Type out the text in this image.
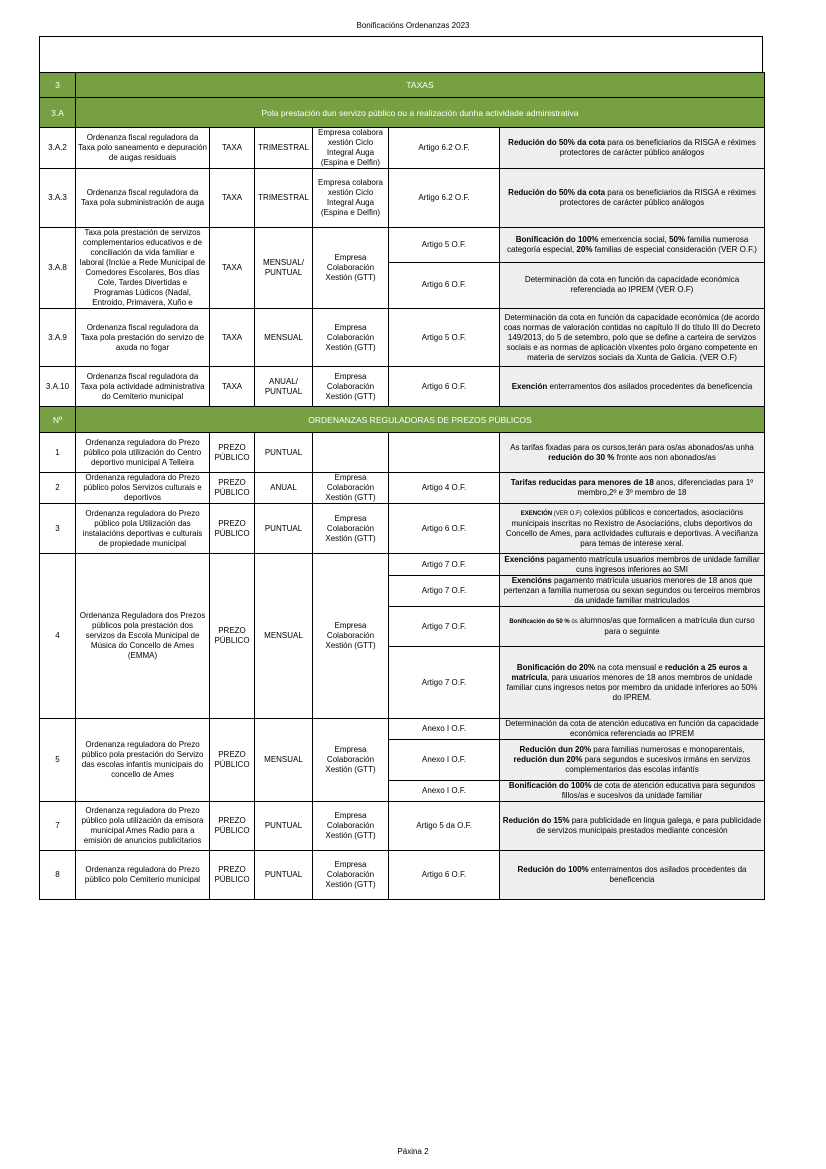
Bonificacións Ordenanzas 2023
3	TAXAS					
3.A	Pola prestación dun servizo público ou a realización dunha actividade administrativa					
3.A.2	Ordenanza fiscal reguladora da Taxa polo saneamento e depuración de augas residuais	TAXA	TRIMESTRAL	Empresa colabora xestión Ciclo Integral Auga (Espina e Delfin)	Artigo 6.2 O.F.	Redución do 50% da cota para os beneficiarios da RISGA e réximes protectores de carácter público análogos
3.A.3	Ordenanza fiscal reguladora da Taxa pola subministración de auga	TAXA	TRIMESTRAL	Empresa colabora xestión Ciclo Integral Auga (Espina e Delfin)	Artigo 6.2 O.F.	Redución do 50% da cota para os beneficiarios da RISGA e réximes protectores de carácter público análogos
3.A.8	Taxa pola prestación de servizos complementarios educativos e de conciliación da vida familiar e laboral (Inclúe a Rede Municipal de Comedores Escolares, Bos días Cole, Tardes Divertidas e Programas Lúdicos (Nadal, Entroido, Primavera, Xuño e	TAXA	MENSUAL/ PUNTUAL	Empresa Colaboración Xestión (GTT)	Artigo 5 O.F.	Bonificación do 100% emerxencia social, 50% familia numerosa categoría especial, 20% familias de especial consideración (VER O.F.)
					Artigo 6 O.F.	Determinación da cota en función da capacidade económica referenciada ao IPREM (VER O.F)
3.A.9	Ordenanza fiscal reguladora da Taxa pola prestación do servizo de axuda no fogar	TAXA	MENSUAL	Empresa Colaboración Xestión (GTT)	Artigo 5 O.F.	Determinación da cota en función da capacidade económica (de acordo coas normas de valoración contidas no capítulo II do título III do Decreto 149/2013, do 5 de setembro, polo que se define a carteira de servizos sociais e as normas de aplicación vixentes polo órgano competente en materia de servizos sociais da Xunta de Galicia. (VER O.F)
3.A.10	Ordenanza fiscal reguladora da Taxa pola actividade administrativa do Cemiterio municipal	TAXA	ANUAL/ PUNTUAL	Empresa Colaboración Xestión (GTT)	Artigo 6 O.F.	Exención enterramentos dos asilados procedentes da beneficencia
Nº	ORDENANZAS REGULADORAS DE PREZOS PÚBLICOS					
1	Ordenanza reguladora do Prezo público pola utilización do Centro deportivo municipal A Telleira	PREZO PÚBLICO	PUNTUAL			As tarifas fixadas para os cursos,terán para os/as abonados/as unha redución do 30 % fronte aos non abonados/as
2	Ordenanza reguladora do Prezo público polos Servizos culturais e deportivos	PREZO PÚBLICO	ANUAL	Empresa Colaboración Xestión (GTT)	Artigo 4 O.F.	Tarifas reducidas para menores de 18 anos, diferenciadas para 1º membro,2º e 3º membro de 18
3	Ordenanza reguladora do Prezo público pola Utilización das instalacións deportivas e culturais de propiedade municipal	PREZO PÚBLICO	PUNTUAL	Empresa Colaboración Xestión (GTT)	Artigo 6 O.F.	EXENCIÓN (VER O.F) colexios públicos e concertados, asociacións municipais inscritas no Rexistro de Asociacións, clubs deportivos do Concello de Ames, para actividades culturais e deportivas. A veciñanza para temas de interese xeral.
4	Ordenanza Reguladora dos Prezos públicos pola prestación dos servizos da Escola Municipal de Música do Concello de Ames (EMMA)	PREZO PÚBLICO	MENSUAL	Empresa Colaboración Xestión (GTT)	Artigo 7 O.F.	Exencións pagamento matrícula usuarios membros de unidade familiar cuns ingresos inferiores ao SMI
					Artigo 7 O.F.	Exencións pagamento matrícula usuarios menores de 18 anos que pertenzan a familia numerosa ou sexan segundos ou terceiros membros da unidade familiar matriculados
					Artigo 7 O.F.	Bonificación do 50 % ós alumnos/as que formalicen a matrícula dun curso para o seguinte
					Artigo 7 O.F.	Bonificación do 20% na cota mensual e redución a 25 euros a matrícula, para usuarios menores de 18 anos membros de unidade familiar cuns ingresos netos por membro da unidade inferiores ao 50% do IPREM.
5	Ordenanza reguladora do Prezo público pola prestación do Servizo das escolas infantís municipais do concello de Ames	PREZO PÚBLICO	MENSUAL	Empresa Colaboración Xestión (GTT)	Anexo I O.F.	Determinación da cota de atención educativa en función da capacidade económica referenciada ao IPREM
					Anexo I O.F.	Redución dun 20% para familias numerosas e monoparentais, redución dun 20% para segundos e sucesivos irmáns en servizos complementarios das escolas infantís
					Anexo I O.F.	Bonificación do 100% de cota de atención educativa para segundos fillos/as e sucesivos da unidade familiar
7	Ordenanza reguladora do Prezo público pola utilización da emisora municipal Ames Radio para a emisión de anuncios publicitarios	PREZO PÚBLICO	PUNTUAL	Empresa Colaboración Xestión (GTT)	Artigo 5 da O.F.	Redución do 15% para publicidade en lingua galega, e para publicidade de servizos municipais prestados mediante concesión
8	Ordenanza reguladora do Prezo público polo Cemiterio municipal	PREZO PÚBLICO	PUNTUAL	Empresa Colaboración Xestión (GTT)	Artigo 6 O.F.	Redución do 100% enterramentos dos asilados procedentes da beneficencia
Páxina 2
